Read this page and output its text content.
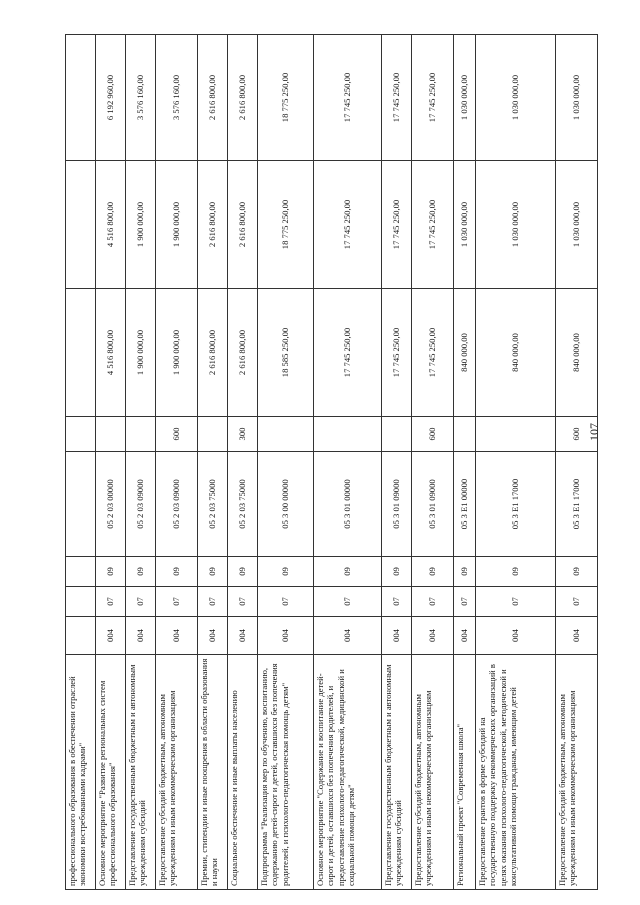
107
профессионального образования в обеспечении отраслей экономики востребованными кадрами"								
Основное мероприятие "Развитие региональных систем профессионального образования"	004	07	09	05 2 03 00000		4 516 800,00	4 516 800,00	6 192 960,00
Представление государственным бюджетным и автономным учреждениям субсидий	004	07	09	05 2 03 09000		1 900 000,00	1 900 000,00	3 576 160,00
Предоставление субсидий бюджетным, автономным учреждениям и иным некоммерческим организациям	004	07	09	05 2 03 09000	600	1 900 000,00	1 900 000,00	3 576 160,00
Премии, стипендии и иные поощрения в области образования и науки	004	07	09	05 2 03 75000		2 616 800,00	2 616 800,00	2 616 800,00
Социальное обеспечение и иные выплаты населению	004	07	09	05 2 03 75000	300	2 616 800,00	2 616 800,00	2 616 800,00
Подпрограмма "Реализация мер по обучению, воспитанию, содержанию детей-сирот и детей, оставшихся без попечения родителей, и психолого-педагогическая помощь детям"	004	07	09	05 3 00 00000		18 585 250,00	18 775 250,00	18 775 250,00
Основное мероприятие "Содержание и воспитание детей-сирот и детей, оставшихся без попечения родителей, и предоставление психолого-педагогической, медицинской и социальной помощи детям"	004	07	09	05 3 01 00000		17 745 250,00	17 745 250,00	17 745 250,00
Представление государственным бюджетным и автономным учреждениям субсидий	004	07	09	05 3 01 09000		17 745 250,00	17 745 250,00	17 745 250,00
Предоставление субсидий бюджетным, автономным учреждениям и иным некоммерческим организациям	004	07	09	05 3 01 09000	600	17 745 250,00	17 745 250,00	17 745 250,00
Региональный проект "Современная школа"	004	07	09	05 3 E1 00000		840 000,00	1 030 000,00	1 030 000,00
Предоставление грантов в форме субсидий на государственную поддержку некоммерческих организаций в целях оказания психолого-педагогической, методической и консультативной помощи гражданам, имеющим детей	004	07	09	05 3 E1 17000		840 000,00	1 030 000,00	1 030 000,00
Предоставление субсидий бюджетным, автономным учреждениям и иным некоммерческим организациям	004	07	09	05 3 E1 17000	600	840 000,00	1 030 000,00	1 030 000,00
